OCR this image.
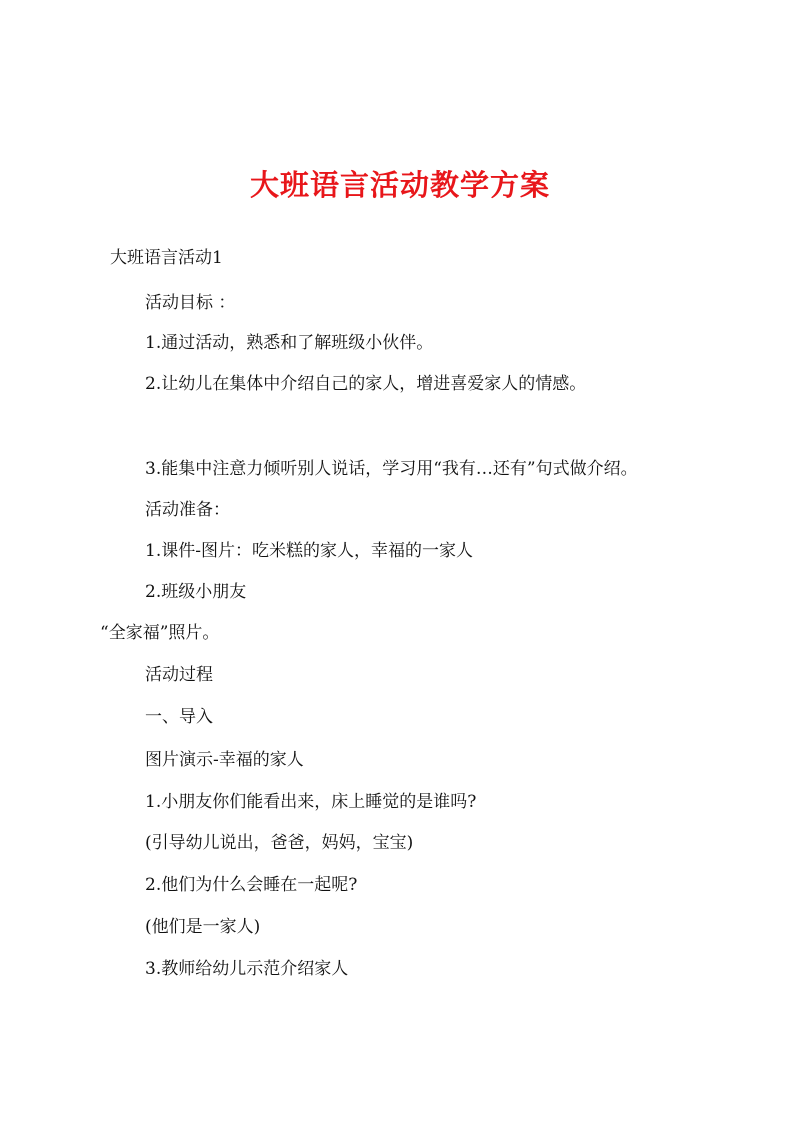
大班语言活动教学方案

大班语言活动1

活动目标 ：

1.通过活动，熟悉和了解班级小伙伴。

2.让幼儿在集体中介绍自己的家人，增进喜爱家人的情感。

3.能集中注意力倾听别人说话，学习用“我有…还有”句式做介绍。

活动准备：

1.课件-图片：吃米糕的家人，幸福的一家人

2.班级小朋友

“全家福”照片。

活动过程

一、导入

图片演示-幸福的家人

1.小朋友你们能看出来，床上睡觉的是谁吗?

(引导幼儿说出，爸爸，妈妈，宝宝)

2.他们为什么会睡在一起呢?

(他们是一家人)

3.教师给幼儿示范介绍家人
